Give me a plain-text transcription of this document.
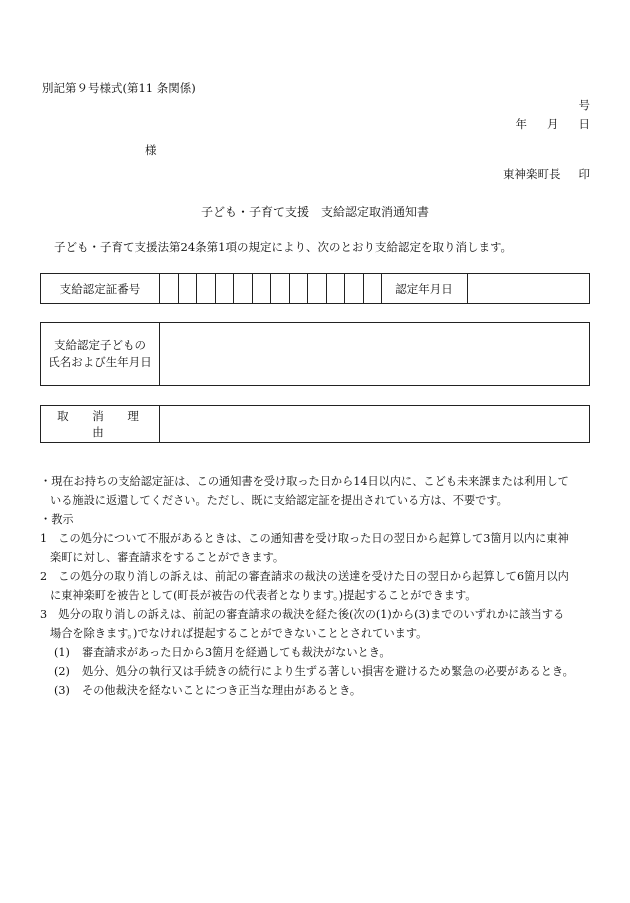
別記第９号様式(第11 条関係)
号
年 月 日
様
東神楽町長 印
子ども・子育て支援　支給認定取消通知書
子ども・子育て支援法第24条第1項の規定により、次のとおり支給認定を取り消します。
支給認定証番号	認定年月日
支給認定子どもの
氏名および生年月日
取 消 理 由

・現在お持ちの支給認定証は、この通知書を受け取った日から14日以内に、こども未来課または利用して

いる施設に返還してください。ただし、既に支給認定証を提出されている方は、不要です。

・教示

1　この処分について不服があるときは、この通知書を受け取った日の翌日から起算して3箇月以内に東神

楽町に対し、審査請求をすることができます。

2　この処分の取り消しの訴えは、前記の審査請求の裁決の送達を受けた日の翌日から起算して6箇月以内

に東神楽町を被告として(町長が被告の代表者となります。)提起することができます。

3　処分の取り消しの訴えは、前記の審査請求の裁決を経た後(次の(1)から(3)までのいずれかに該当する

場合を除きます。)でなければ提起することができないこととされています。

(1) 審査請求があった日から3箇月を経過しても裁決がないとき。

(2) 処分、処分の執行又は手続きの続行により生ずる著しい損害を避けるため緊急の必要があるとき。

(3) その他裁決を経ないことにつき正当な理由があるとき。
